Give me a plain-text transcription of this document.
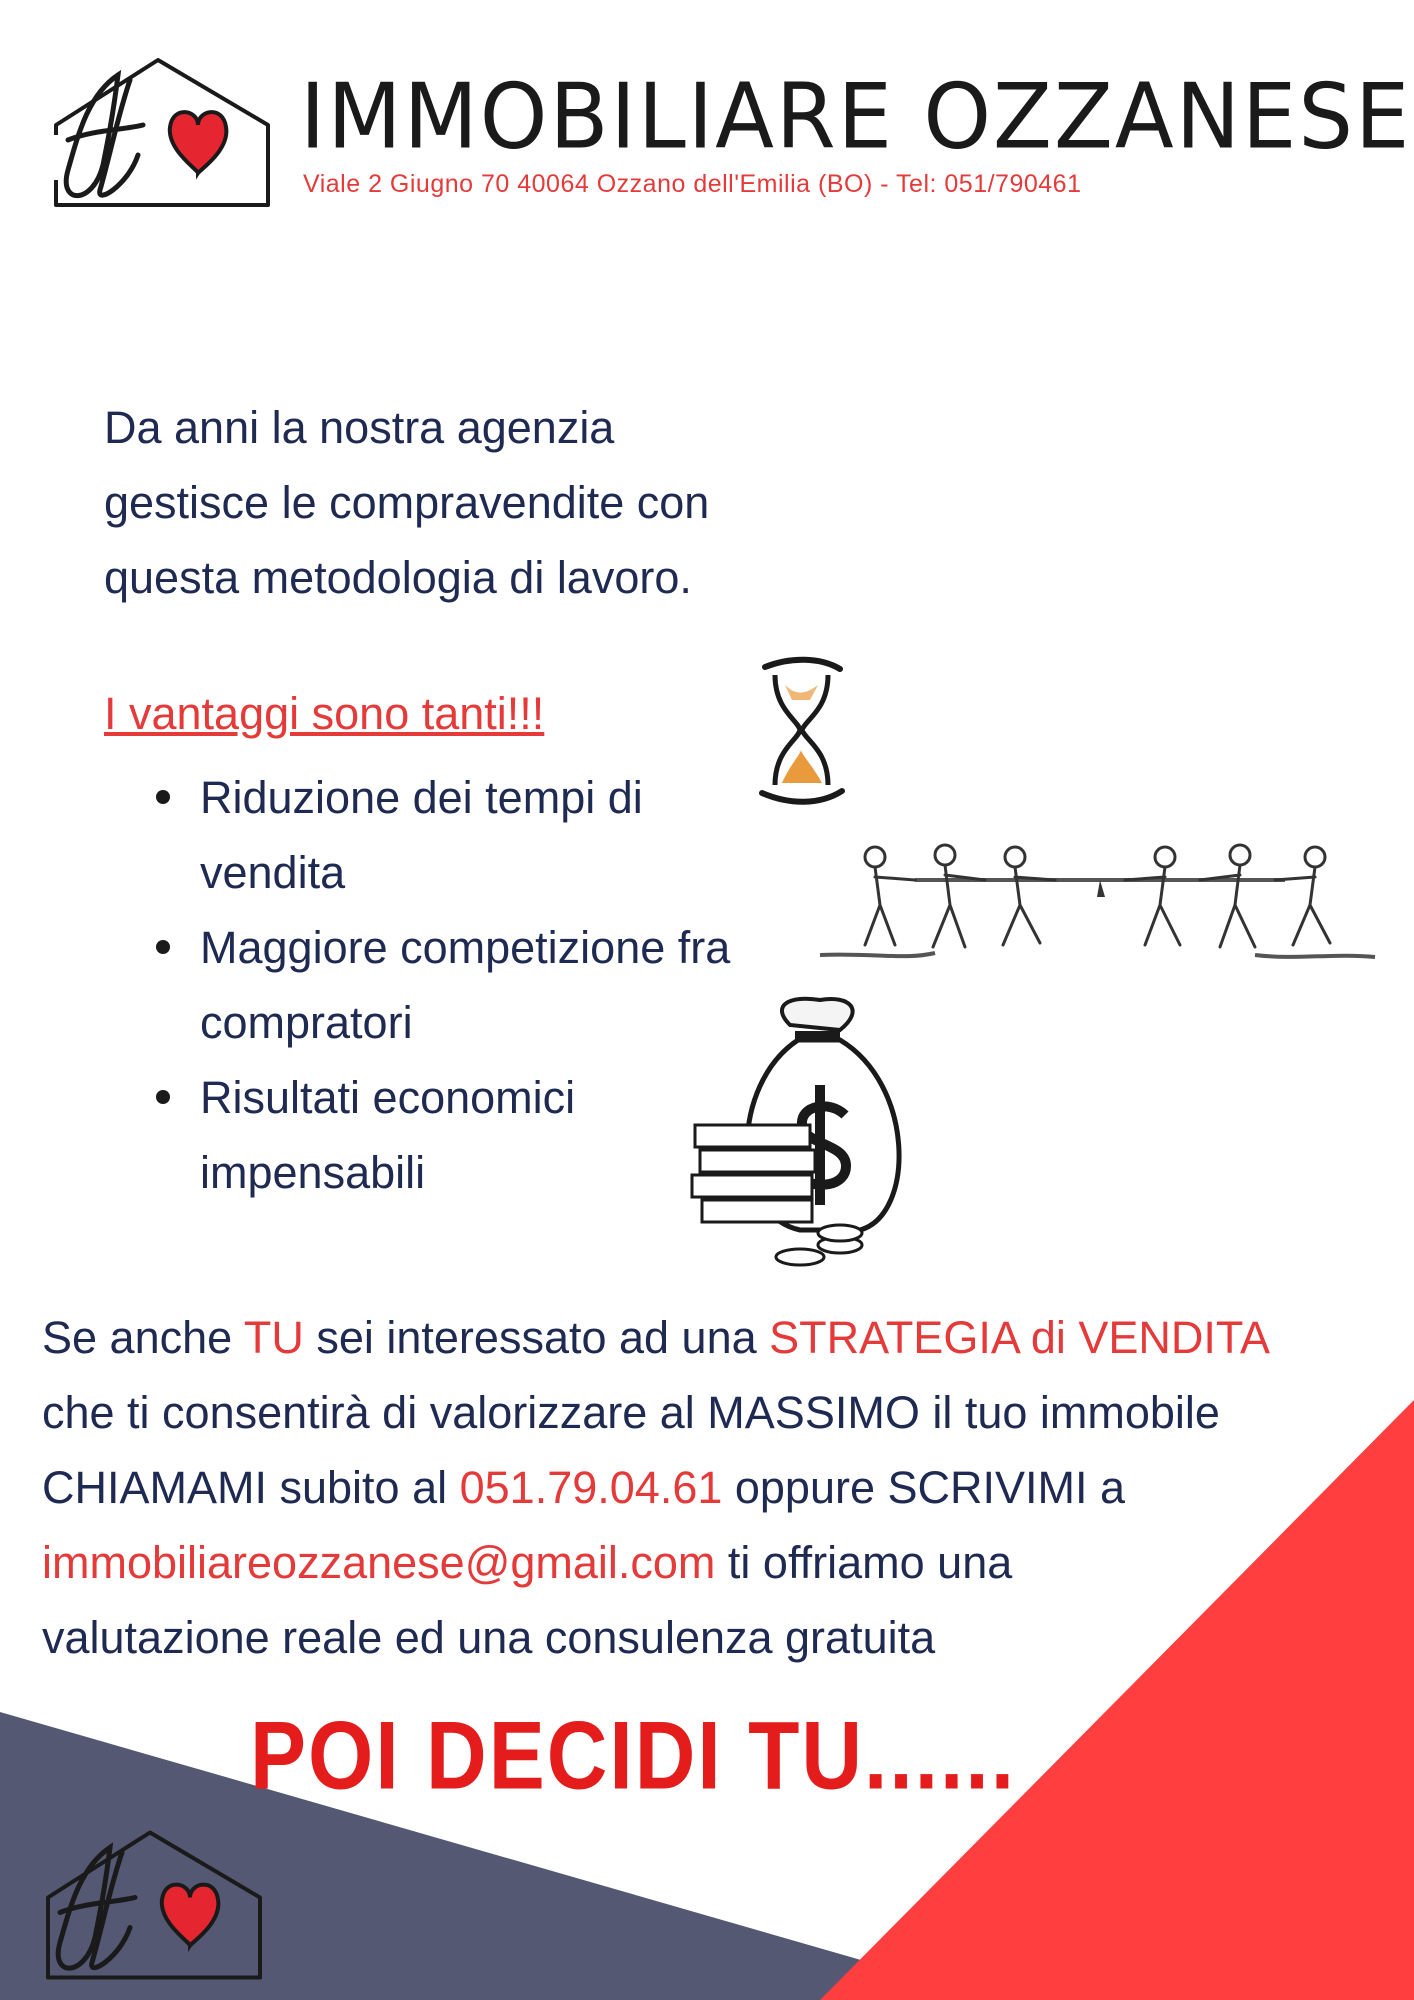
IMMOBILIARE OZZANESE
Viale 2 Giugno 70 40064 Ozzano dell'Emilia (BO) - Tel: 051/790461
Da anni la nostra agenzia
gestisce le compravendite con
questa metodologia di lavoro.
I vantaggi sono tanti!!!
Riduzione dei tempi di
vendita
Maggiore competizione fra
compratori
Risultati economici
impensabili
Se anche TU sei interessato ad una STRATEGIA di VENDITA
che ti consentirà di valorizzare al MASSIMO il tuo immobile
CHIAMAMI subito al 051.79.04.61 oppure SCRIVIMI a
immobiliareozzanese@gmail.com ti offriamo una
valutazione reale ed una consulenza gratuita
POI DECIDI TU......
